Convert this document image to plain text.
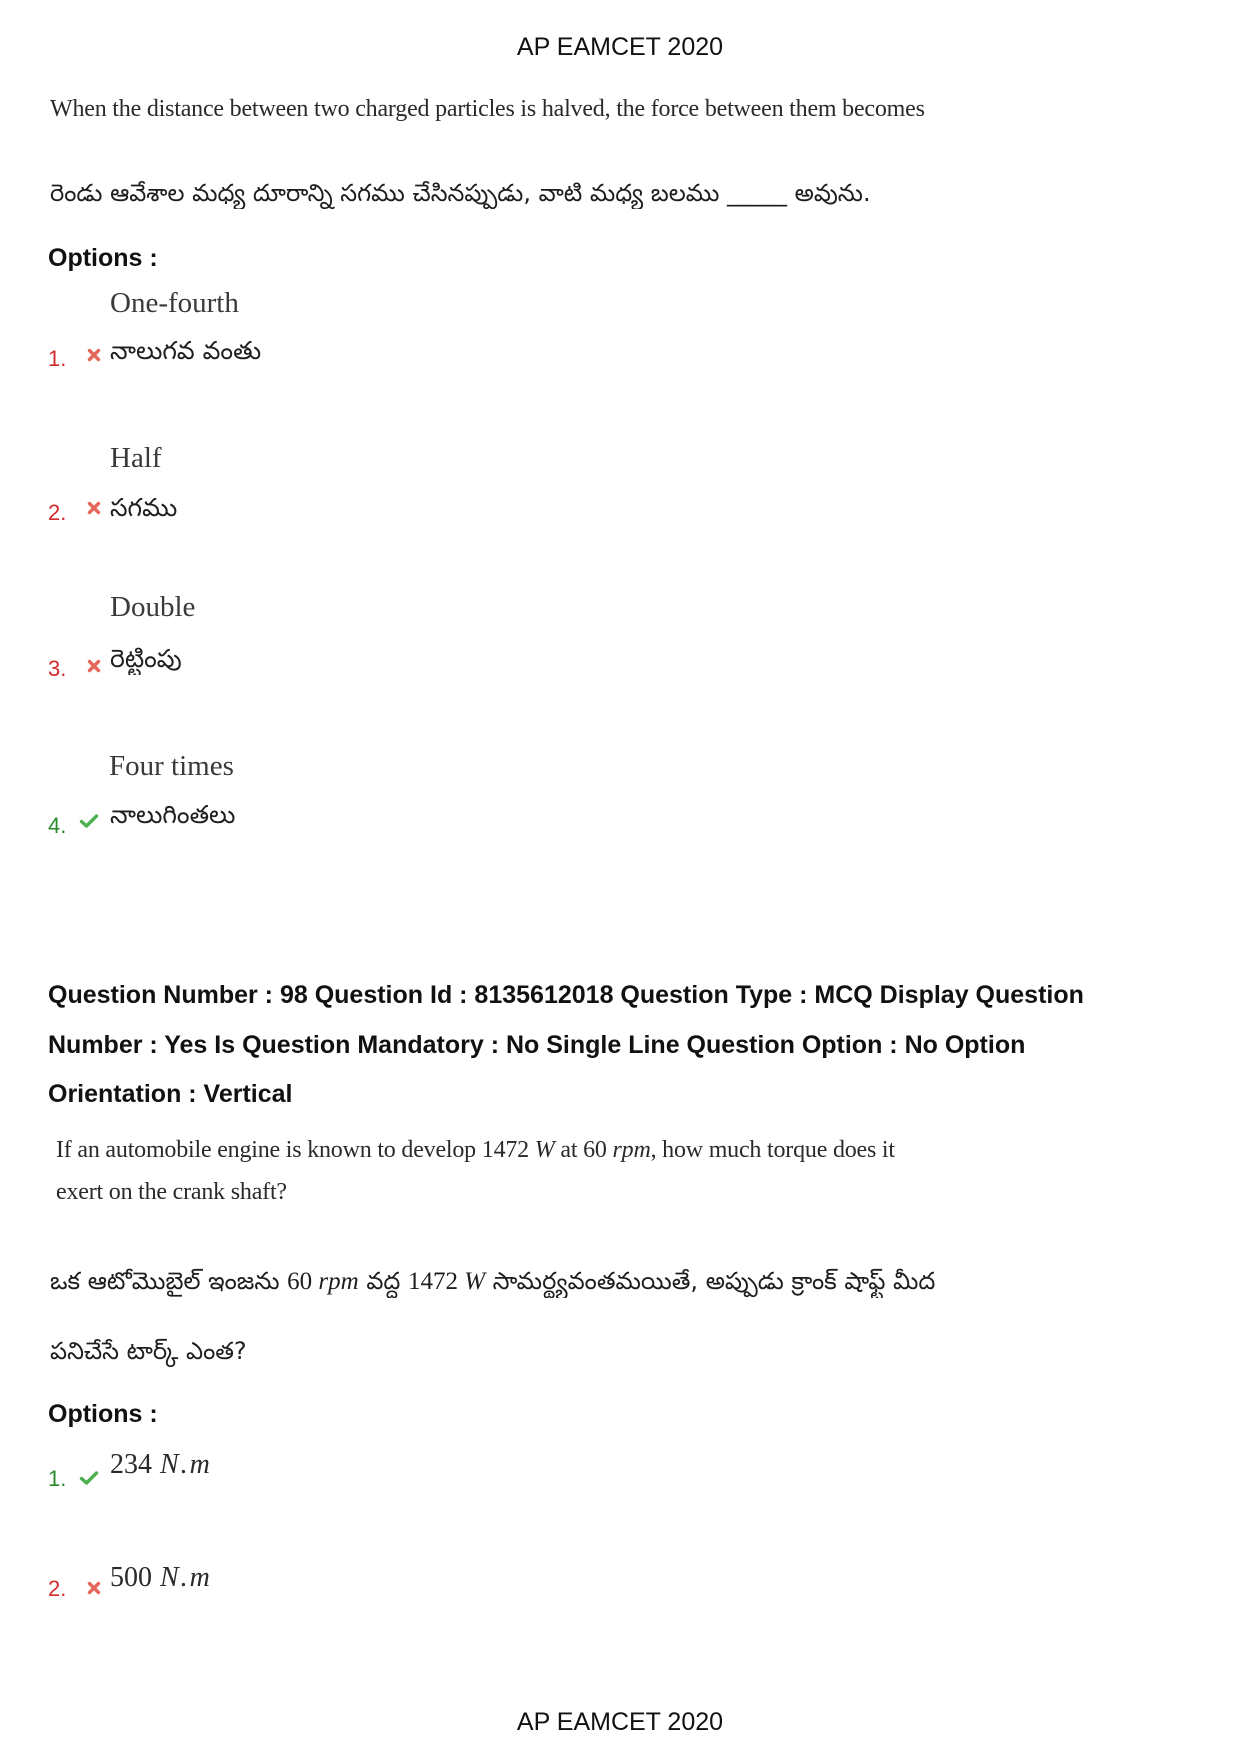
AP EAMCET 2020
When the distance between two charged particles is halved, the force between them becomes
రెండు ఆవేశాల మధ్య దూరాన్ని సగము చేసినప్పుడు, వాటి మధ్య బలము _____ అవును.
Options :
One-fourth
1. నాలుగవ వంతు
Half
2. సగము
Double
3. రెట్టింపు
Four times
4. నాలుగింతలు
Question Number : 98 Question Id : 8135612018 Question Type : MCQ Display Question
Number : Yes Is Question Mandatory : No Single Line Question Option : No Option
Orientation : Vertical
If an automobile engine is known to develop 1472 W at 60 rpm, how much torque does it
exert on the crank shaft?
ఒక ఆటోమొబైల్ ఇంజను 60 rpm వద్ద 1472 W సామర్థ్యవంతమయితే, అప్పుడు క్రాంక్ షాఫ్ట్ మీద
పనిచేసే టార్క్ ఎంత?
Options :
1. 234 N.m
2. 500 N.m
AP EAMCET 2020
